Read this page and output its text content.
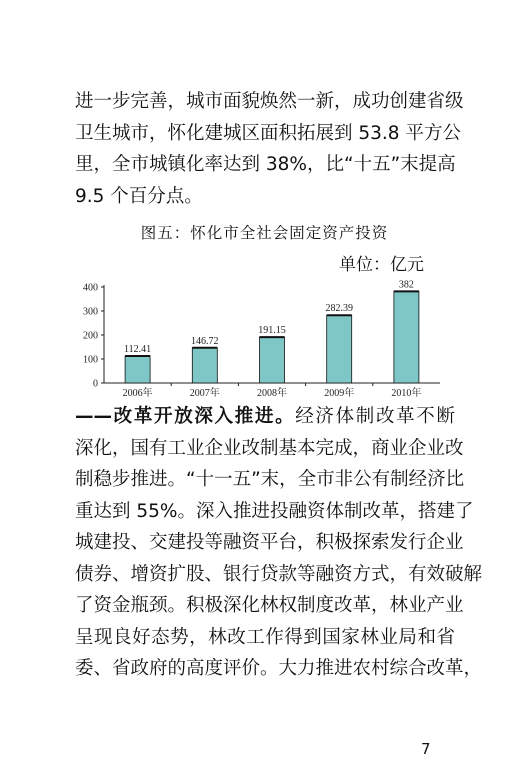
进一步完善，城市面貌焕然一新，成功创建省级
卫生城市，怀化建城区面积拓展到 53.8 平方公
里，全市城镇化率达到 38%，比“十五”末提高
9.5 个百分点。
图五：怀化市全社会固定资产投资
单位：亿元
0
100
200
300
400
112.41
2006年
146.72
2007年
191.15
2008年
282.39
2009年
382
2010年
——改革开放深入推进。经济体制改革不断
深化，国有工业企业改制基本完成，商业企业改
制稳步推进。“十一五”末，全市非公有制经济比
重达到 55%。深入推进投融资体制改革，搭建了
城建投、交建投等融资平台，积极探索发行企业
债券、增资扩股、银行贷款等融资方式，有效破解
了资金瓶颈。积极深化林权制度改革，林业产业
呈现良好态势，林改工作得到国家林业局和省
委、省政府的高度评价。大力推进农村综合改革，
7
